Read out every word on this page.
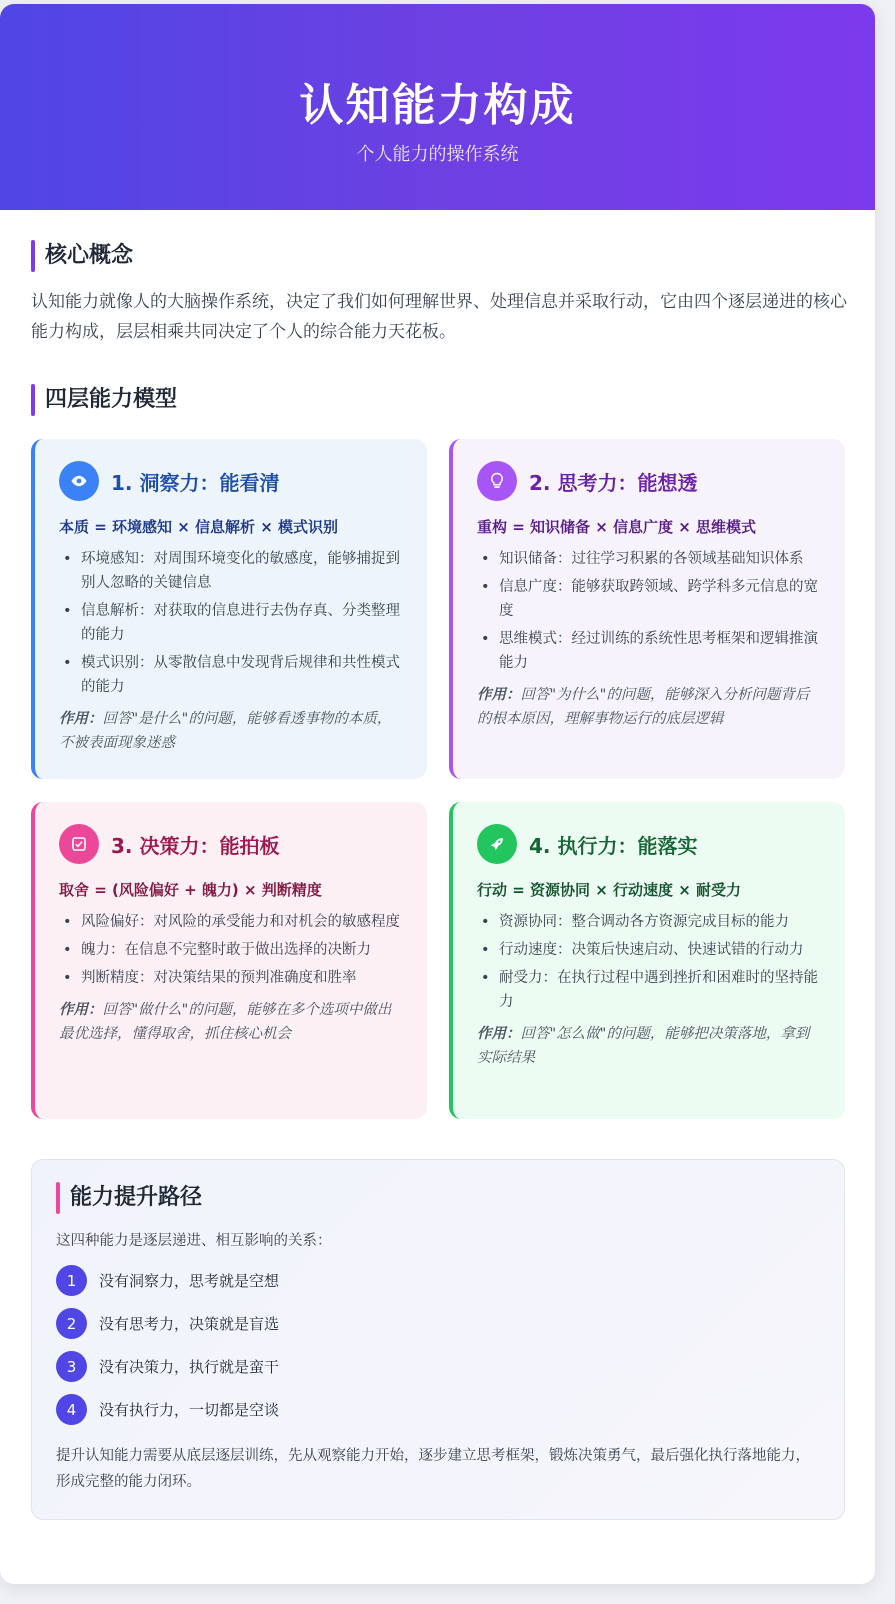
认知能力构成
个人能力的操作系统
核心概念
认知能力就像人的大脑操作系统，决定了我们如何理解世界、处理信息并采取行动，它由四个逐层递进的核心能力构成，层层相乘共同决定了个人的综合能力天花板。
四层能力模型
1. 洞察力：能看清
本质 = 环境感知 × 信息解析 × 模式识别
• 环境感知：对周围环境变化的敏感度，能够捕捉到别人忽略的关键信息
• 信息解析：对获取的信息进行去伪存真、分类整理的能力
• 模式识别：从零散信息中发现背后规律和共性模式的能力
作用：回答"是什么"的问题，能够看透事物的本质，不被表面现象迷惑
2. 思考力：能想透
重构 = 知识储备 × 信息广度 × 思维模式
• 知识储备：过往学习积累的各领域基础知识体系
• 信息广度：能够获取跨领域、跨学科多元信息的宽度
• 思维模式：经过训练的系统性思考框架和逻辑推演能力
作用：回答"为什么"的问题，能够深入分析问题背后的根本原因，理解事物运行的底层逻辑
3. 决策力：能拍板
取舍 = (风险偏好 + 魄力) × 判断精度
• 风险偏好：对风险的承受能力和对机会的敏感程度
• 魄力：在信息不完整时敢于做出选择的决断力
• 判断精度：对决策结果的预判准确度和胜率
作用：回答"做什么"的问题，能够在多个选项中做出最优选择，懂得取舍，抓住核心机会
4. 执行力：能落实
行动 = 资源协同 × 行动速度 × 耐受力
• 资源协同：整合调动各方资源完成目标的能力
• 行动速度：决策后快速启动、快速试错的行动力
• 耐受力：在执行过程中遇到挫折和困难时的坚持能力
作用：回答"怎么做"的问题，能够把决策落地，拿到实际结果
能力提升路径
这四种能力是逐层递进、相互影响的关系：
1	没有洞察力，思考就是空想
2	没有思考力，决策就是盲选
3	没有决策力，执行就是蛮干
4	没有执行力，一切都是空谈
提升认知能力需要从底层逐层训练，先从观察能力开始，逐步建立思考框架，锻炼决策勇气，最后强化执行落地能力，形成完整的能力闭环。
